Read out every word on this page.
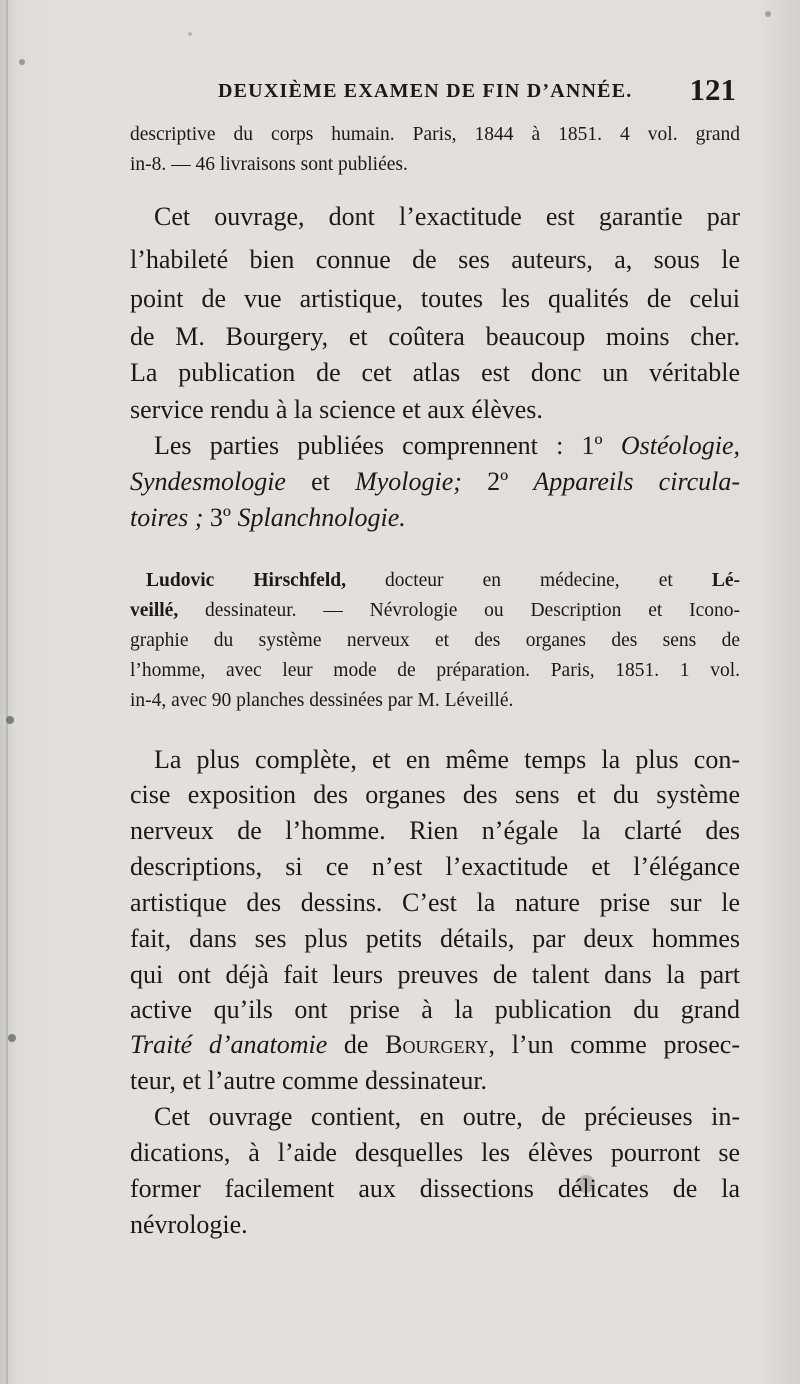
DEUXIÈME EXAMEN DE FIN D’ANNÉE. 121
descriptive du corps humain. Paris, 1844 à 1851. 4 vol. grand
in-8. — 46 livraisons sont publiées.
Cet ouvrage, dont l’exactitude est garantie par
l’habileté bien connue de ses auteurs, a, sous le
point de vue artistique, toutes les qualités de celui
de M. Bourgery, et coûtera beaucoup moins cher.
La publication de cet atlas est donc un véritable
service rendu à la science et aux élèves.
Les parties publiées comprennent : 1º Ostéologie,
Syndesmologie et Myologie; 2º Appareils circula-
toires ; 3º Splanchnologie.
Ludovic Hirschfeld, docteur en médecine, et Lé-
veillé, dessinateur. — Névrologie ou Description et Icono-
graphie du système nerveux et des organes des sens de
l’homme, avec leur mode de préparation. Paris, 1851. 1 vol.
in-4, avec 90 planches dessinées par M. Léveillé.
La plus complète, et en même temps la plus con-
cise exposition des organes des sens et du système
nerveux de l’homme. Rien n’égale la clarté des
descriptions, si ce n’est l’exactitude et l’élégance
artistique des dessins. C’est la nature prise sur le
fait, dans ses plus petits détails, par deux hommes
qui ont déjà fait leurs preuves de talent dans la part
active qu’ils ont prise à la publication du grand
Traité d’anatomie de Bourgery, l’un comme prosec-
teur, et l’autre comme dessinateur.
Cet ouvrage contient, en outre, de précieuses in-
dications, à l’aide desquelles les élèves pourront se
former facilement aux dissections délicates de la
névrologie.
